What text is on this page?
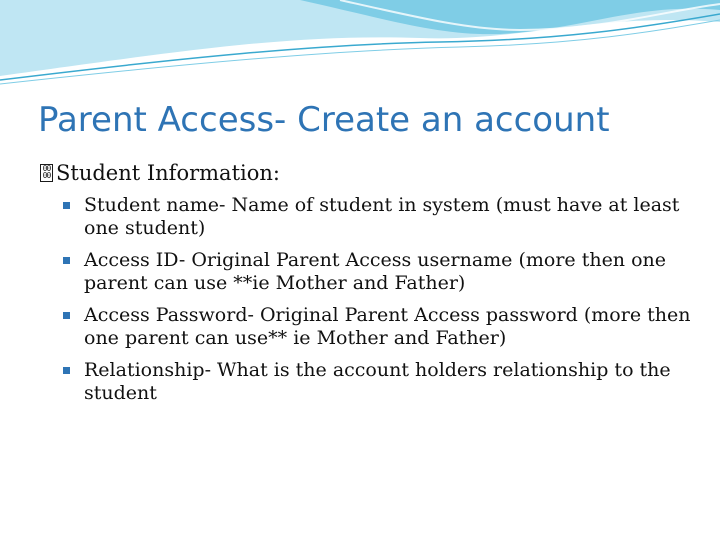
Parent Access- Create an account
00
00 Student Information:
Student name- Name of student in system (must have at least one student)
Access ID- Original Parent Access username (more then one parent can use **ie Mother and Father)
Access Password- Original Parent Access password (more then one parent can use** ie Mother and Father)
Relationship- What is the account holders relationship to the student
